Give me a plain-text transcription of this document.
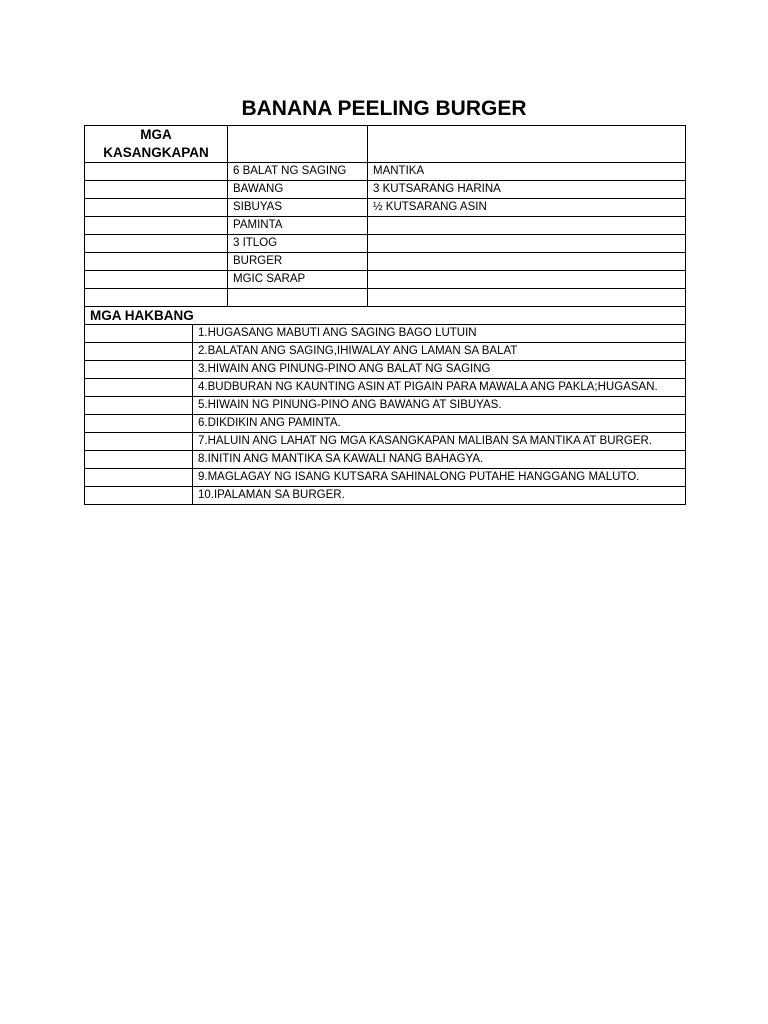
BANANA PEELING BURGER
MGA KASANGKAPAN			
		6 BALAT NG SAGING	MANTIKA
		BAWANG	3 KUTSARANG HARINA
		SIBUYAS	½ KUTSARANG ASIN
		PAMINTA	
		3 ITLOG	
		BURGER	
		MGIC SARAP	

MGA HAKBANG			
	1.HUGASANG MABUTI ANG SAGING BAGO LUTUIN		
	2.BALATAN ANG SAGING,IHIWALAY ANG LAMAN SA BALAT		
	3.HIWAIN ANG PINUNG-PINO ANG BALAT NG SAGING		
	4.BUDBURAN NG KAUNTING ASIN AT PIGAIN PARA MAWALA ANG PAKLA;HUGASAN.		
	5.HIWAIN NG PINUNG-PINO ANG BAWANG AT SIBUYAS.		
	6.DIKDIKIN ANG PAMINTA.		
	7.HALUIN ANG LAHAT NG MGA KASANGKAPAN MALIBAN SA MANTIKA AT BURGER.		
	8.INITIN ANG MANTIKA SA KAWALI NANG BAHAGYA.		
	9.MAGLAGAY NG ISANG KUTSARA SAHINALONG PUTAHE HANGGANG MALUTO.		
	10.IPALAMAN SA BURGER.		
